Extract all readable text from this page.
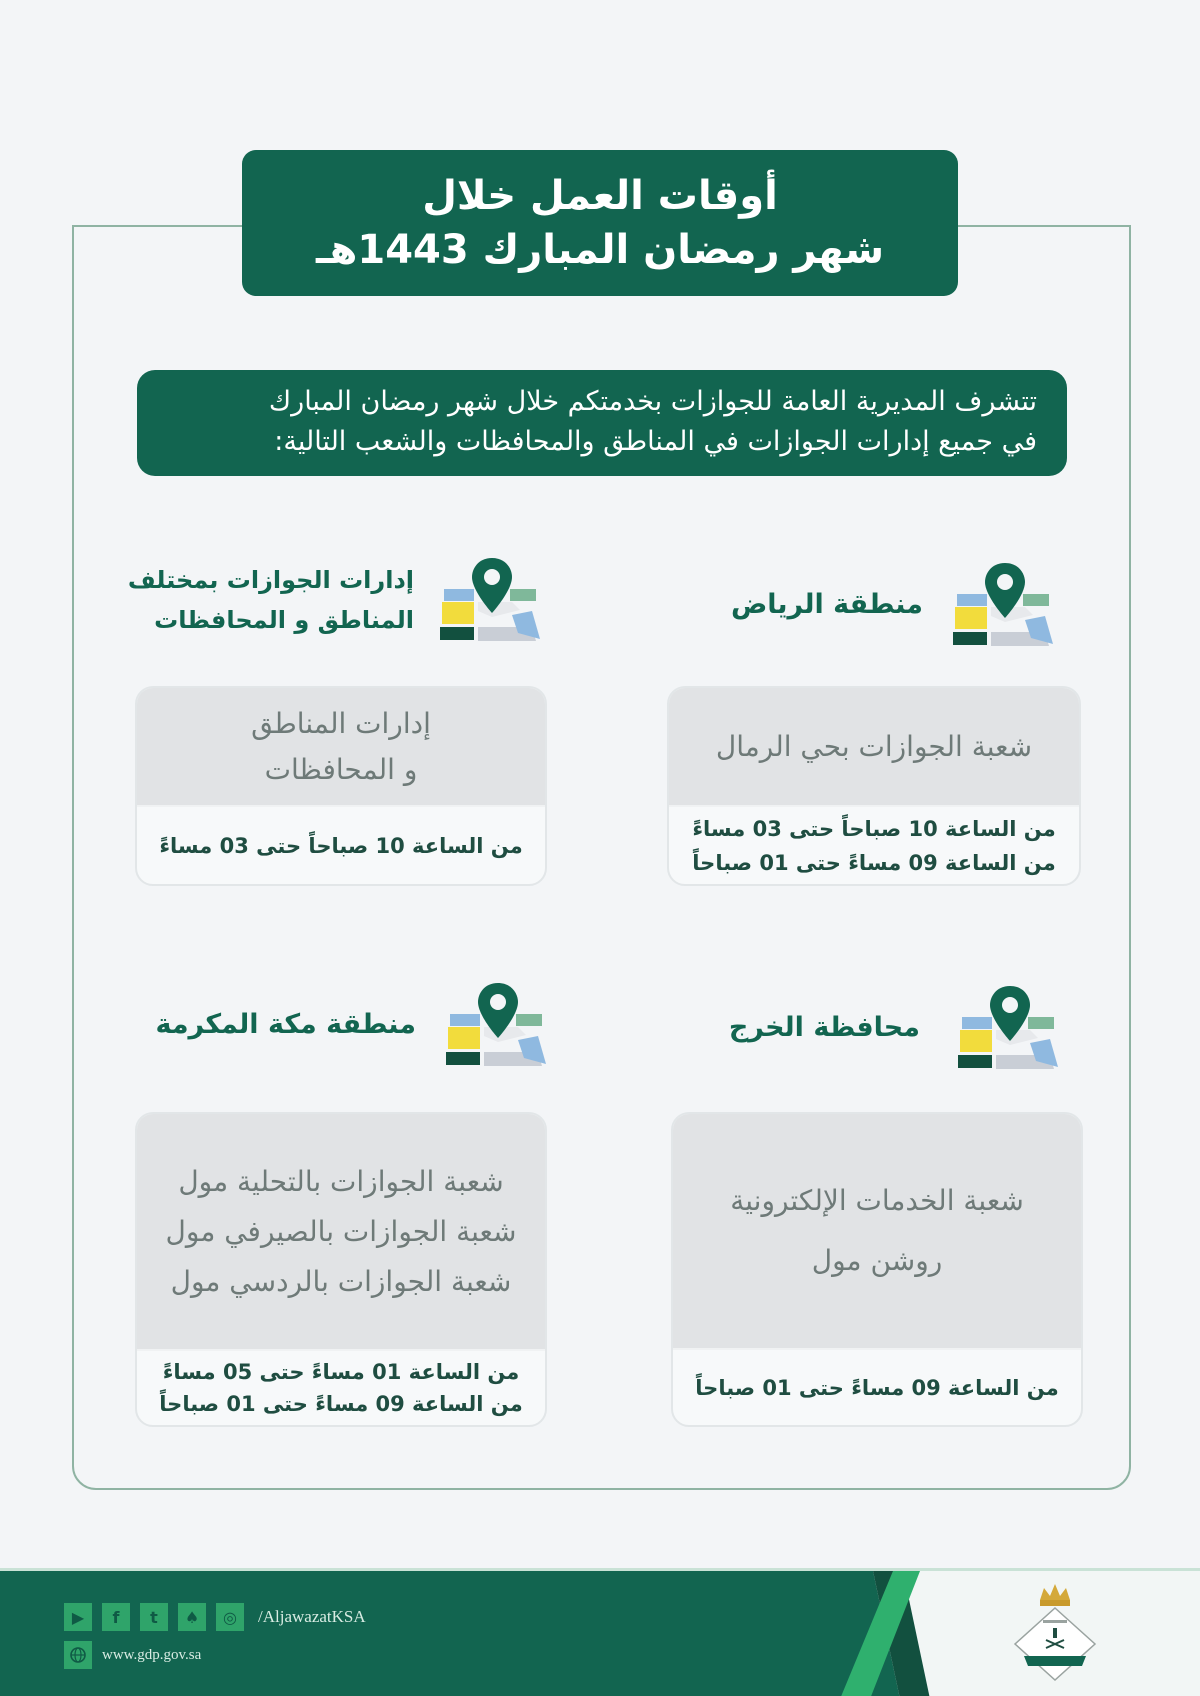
أوقات العمل خلال
شهر رمضان المبارك 1443هـ
تتشرف المديرية العامة للجوازات بخدمتكم خلال شهر رمضان المبارك
في جميع إدارات الجوازات في المناطق والمحافظات والشعب التالية:
منطقة الرياض
شعبة الجوازات بحي الرمال
من الساعة 10 صباحاً حتى 03 مساءً
من الساعة 09 مساءً حتى 01 صباحاً
إدارات الجوازات بمختلف
المناطق و المحافظات
إدارات المناطق
و المحافظات
من الساعة 10 صباحاً حتى 03 مساءً
محافظة الخرج
شعبة الخدمات الإلكترونية
روشن مول
من الساعة 09 مساءً حتى 01 صباحاً
منطقة مكة المكرمة
شعبة الجوازات بالتحلية مول
شعبة الجوازات بالصيرفي مول
شعبة الجوازات بالردسي مول
من الساعة 01 مساءً حتى 05 مساءً
من الساعة 09 مساءً حتى 01 صباحاً
▶	f	t	♠	◎	/AljawazatKSA
www.gdp.gov.sa
